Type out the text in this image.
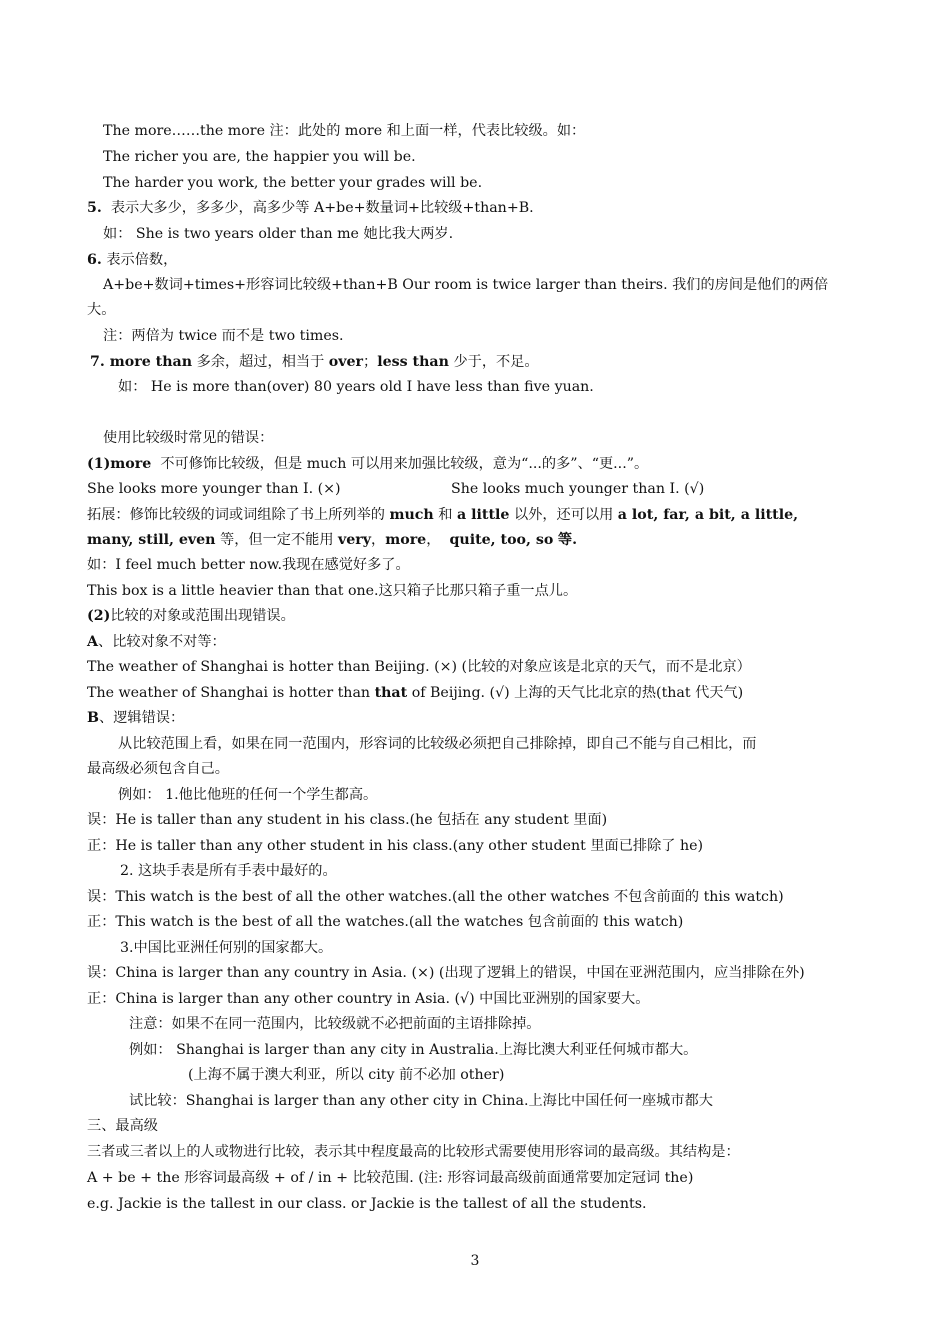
The more……the more 注：此处的 more 和上面一样，代表比较级。如：
The richer you are, the happier you will be.
The harder you work, the better your grades will be.
5. 表示大多少，多多少，高多少等 A+be+数量词+比较级+than+B.
如： She is two years older than me 她比我大两岁.
6. 表示倍数，
A+be+数词+times+形容词比较级+than+B Our room is twice larger than theirs. 我们的房间是他们的两倍
大。
注：两倍为 twice 而不是 two times.
7. more than 多余，超过，相当于 over；less than 少于，不足。
如： He is more than(over) 80 years old I have less than five yuan.
使用比较级时常见的错误：
(1)more 不可修饰比较级，但是 much 可以用来加强比较级，意为“...的多”、“更...”。
She looks more younger than I. (×)	She looks much younger than I. (√)
拓展：修饰比较级的词或词组除了书上所列举的 much 和 a little 以外，还可以用 a lot, far, a bit, a little,
many, still, even 等，但一定不能用 very，more， quite, too, so 等.
如：I feel much better now.我现在感觉好多了。
This box is a little heavier than that one.这只箱子比那只箱子重一点儿。
(2)比较的对象或范围出现错误。
A、比较对象不对等：
The weather of Shanghai is hotter than Beijing. (×) (比较的对象应该是北京的天气，而不是北京）
The weather of Shanghai is hotter than that of Beijing. (√) 上海的天气比北京的热(that 代天气)
B、逻辑错误：
从比较范围上看，如果在同一范围内，形容词的比较级必须把自己排除掉，即自己不能与自己相比，而
最高级必须包含自己。
例如： 1.他比他班的任何一个学生都高。
误：He is taller than any student in his class.(he 包括在 any student 里面)
正：He is taller than any other student in his class.(any other student 里面已排除了 he)
2. 这块手表是所有手表中最好的。
误：This watch is the best of all the other watches.(all the other watches 不包含前面的 this watch)
正：This watch is the best of all the watches.(all the watches 包含前面的 this watch)
3.中国比亚洲任何别的国家都大。
误：China is larger than any country in Asia. (×) (出现了逻辑上的错误，中国在亚洲范围内，应当排除在外)
正：China is larger than any other country in Asia. (√) 中国比亚洲别的国家要大。
注意：如果不在同一范围内，比较级就不必把前面的主语排除掉。
例如： Shanghai is larger than any city in Australia.上海比澳大利亚任何城市都大。
(上海不属于澳大利亚，所以 city 前不必加 other)
试比较：Shanghai is larger than any other city in China.上海比中国任何一座城市都大
三、最高级
三者或三者以上的人或物进行比较，表示其中程度最高的比较形式需要使用形容词的最高级。其结构是：
A + be + the 形容词最高级 + of / in + 比较范围. (注: 形容词最高级前面通常要加定冠词 the)
e.g. Jackie is the tallest in our class. or Jackie is the tallest of all the students.
3
